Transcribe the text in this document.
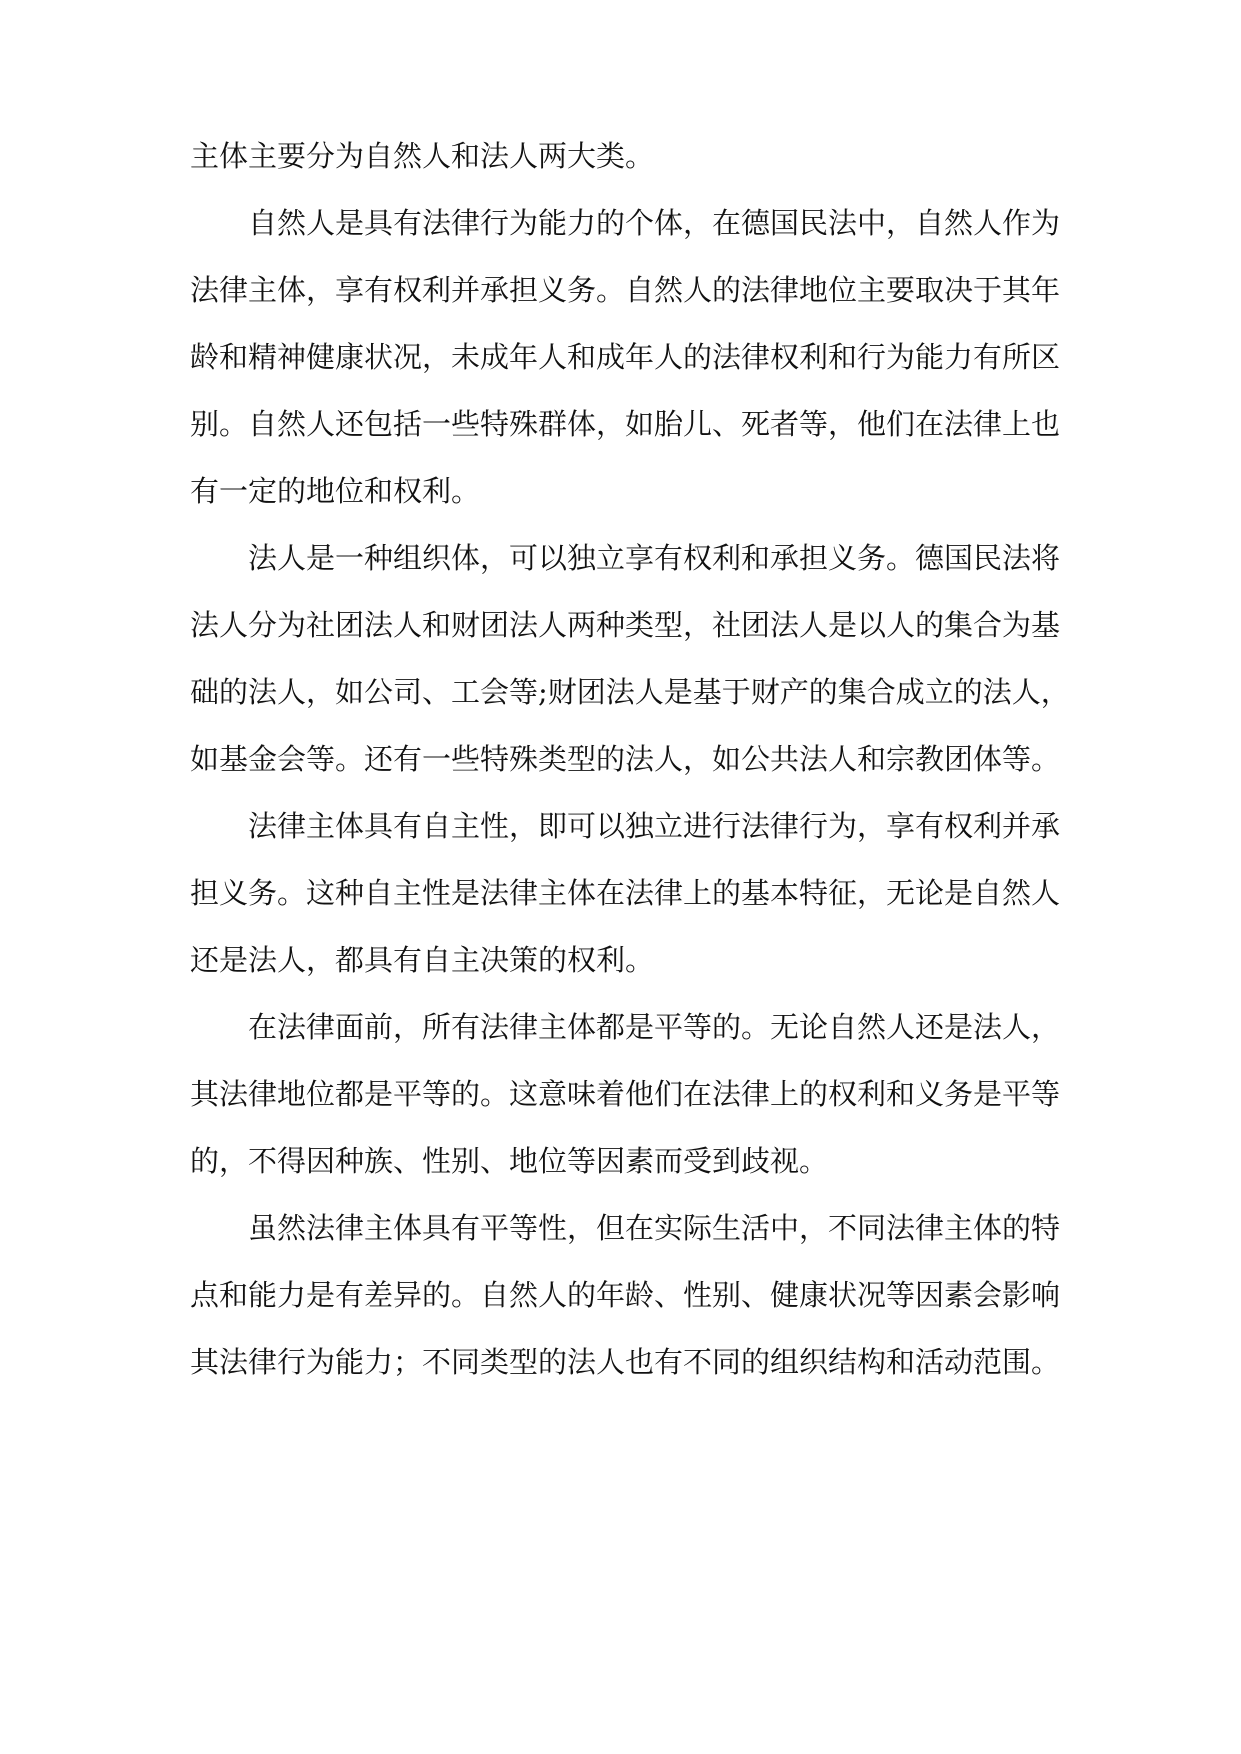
主体主要分为自然人和法人两大类。
自然人是具有法律行为能力的个体，在德国民法中，自然人作为
法律主体，享有权利并承担义务。自然人的法律地位主要取决于其年
龄和精神健康状况，未成年人和成年人的法律权利和行为能力有所区
别。自然人还包括一些特殊群体，如胎儿、死者等，他们在法律上也
有一定的地位和权利。
法人是一种组织体，可以独立享有权利和承担义务。德国民法将
法人分为社团法人和财团法人两种类型，社团法人是以人的集合为基
础的法人，如公司、工会等;财团法人是基于财产的集合成立的法人，
如基金会等。还有一些特殊类型的法人，如公共法人和宗教团体等。
法律主体具有自主性，即可以独立进行法律行为，享有权利并承
担义务。这种自主性是法律主体在法律上的基本特征，无论是自然人
还是法人，都具有自主决策的权利。
在法律面前，所有法律主体都是平等的。无论自然人还是法人，
其法律地位都是平等的。这意味着他们在法律上的权利和义务是平等
的，不得因种族、性别、地位等因素而受到歧视。
虽然法律主体具有平等性，但在实际生活中，不同法律主体的特
点和能力是有差异的。自然人的年龄、性别、健康状况等因素会影响
其法律行为能力；不同类型的法人也有不同的组织结构和活动范围。
